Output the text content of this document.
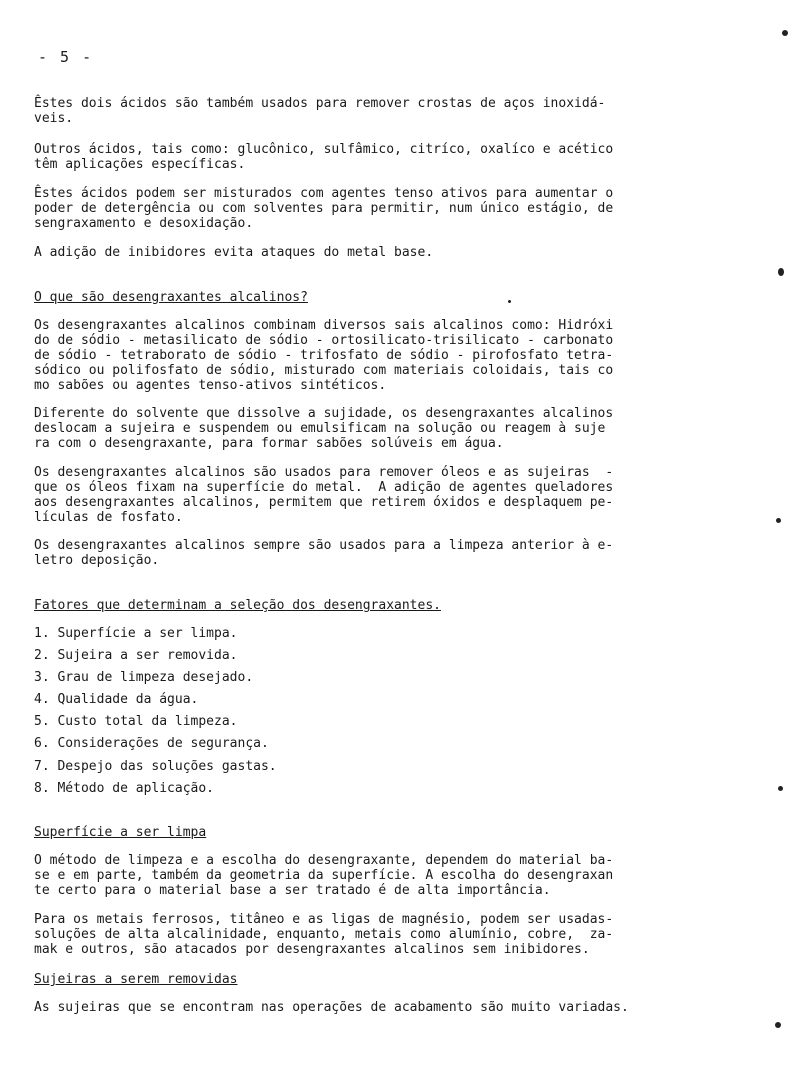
- 5 -
Êstes dois ácidos são também usados para remover crostas de aços inoxidá-
veis.
Outros ácidos, tais como: glucônico, sulfâmico, citríco, oxalíco e acético
têm aplicações específicas.
Êstes ácidos podem ser misturados com agentes tenso ativos para aumentar o
poder de detergência ou com solventes para permitir, num único estágio, de
sengraxamento e desoxidação.
A adição de inibidores evita ataques do metal base.
O que são desengraxantes alcalinos?
Os desengraxantes alcalinos combinam diversos sais alcalinos como: Hidróxi
do de sódio - metasilicato de sódio - ortosilicato-trisilicato - carbonato
de sódio - tetraborato de sódio - trifosfato de sódio - pirofosfato tetra-
sódico ou polifosfato de sódio, misturado com materiais coloidais, tais co
mo sabões ou agentes tenso-ativos sintéticos.
Diferente do solvente que dissolve a sujidade, os desengraxantes alcalinos
deslocam a sujeira e suspendem ou emulsificam na solução ou reagem à suje
ra com o desengraxante, para formar sabões solúveis em água.
Os desengraxantes alcalinos são usados para remover óleos e as sujeiras  -
que os óleos fixam na superfície do metal.  A adição de agentes queladores
aos desengraxantes alcalinos, permitem que retirem óxidos e desplaquem pe-
lículas de fosfato.
Os desengraxantes alcalinos sempre são usados para a limpeza anterior à e-
letro deposição.
Fatores que determinam a seleção dos desengraxantes.
1. Superfície a ser limpa.
2. Sujeira a ser removida.
3. Grau de limpeza desejado.
4. Qualidade da água.
5. Custo total da limpeza.
6. Considerações de segurança.
7. Despejo das soluções gastas.
8. Método de aplicação.
Superfície a ser limpa
O método de limpeza e a escolha do desengraxante, dependem do material ba-
se e em parte, também da geometria da superfície. A escolha do desengraxan
te certo para o material base a ser tratado é de alta importância.
Para os metais ferrosos, titâneo e as ligas de magnésio, podem ser usadas-
soluções de alta alcalinidade, enquanto, metais como alumínio, cobre,  za-
mak e outros, são atacados por desengraxantes alcalinos sem inibidores.
Sujeiras a serem removidas
As sujeiras que se encontram nas operações de acabamento são muito variadas.
